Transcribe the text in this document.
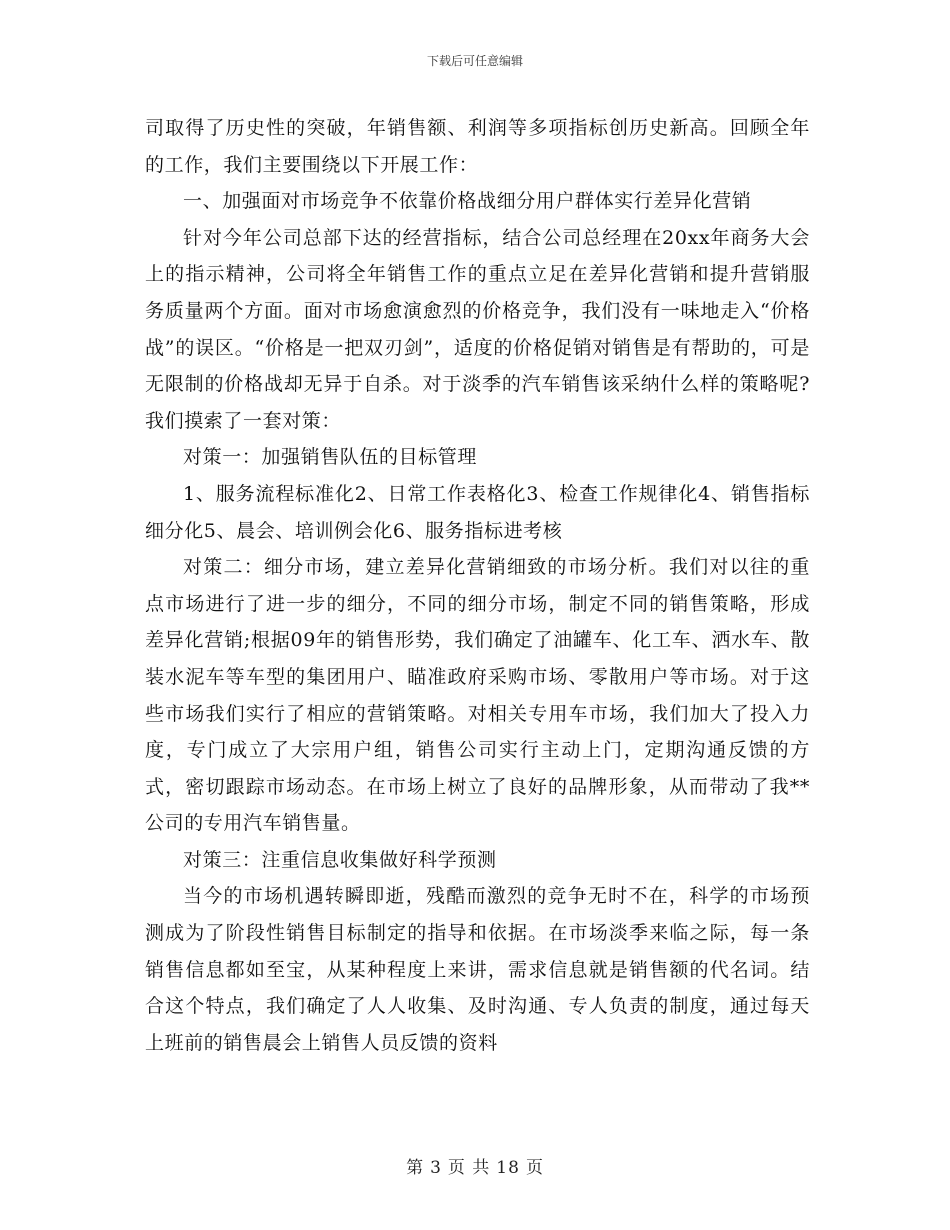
下载后可任意编辑

司取得了历史性的突破，年销售额、利润等多项指标创历史新高。回顾全年的工作，我们主要围绕以下开展工作：

一、加强面对市场竞争不依靠价格战细分用户群体实行差异化营销

针对今年公司总部下达的经营指标，结合公司总经理在20xx年商务大会上的指示精神，公司将全年销售工作的重点立足在差异化营销和提升营销服务质量两个方面。面对市场愈演愈烈的价格竞争，我们没有一味地走入“价格战”的误区。“价格是一把双刃剑”，适度的价格促销对销售是有帮助的，可是无限制的价格战却无异于自杀。对于淡季的汽车销售该采纳什么样的策略呢?我们摸索了一套对策：

对策一：加强销售队伍的目标管理

1、服务流程标准化2、日常工作表格化3、检查工作规律化4、销售指标细分化5、晨会、培训例会化6、服务指标进考核

对策二：细分市场，建立差异化营销细致的市场分析。我们对以往的重点市场进行了进一步的细分，不同的细分市场，制定不同的销售策略，形成差异化营销;根据09年的销售形势，我们确定了油罐车、化工车、洒水车、散装水泥车等车型的集团用户、瞄准政府采购市场、零散用户等市场。对于这些市场我们实行了相应的营销策略。对相关专用车市场，我们加大了投入力度，专门成立了大宗用户组，销售公司实行主动上门，定期沟通反馈的方式，密切跟踪市场动态。在市场上树立了良好的品牌形象，从而带动了我**公司的专用汽车销售量。

对策三：注重信息收集做好科学预测

当今的市场机遇转瞬即逝，残酷而激烈的竞争无时不在，科学的市场预测成为了阶段性销售目标制定的指导和依据。在市场淡季来临之际，每一条销售信息都如至宝，从某种程度上来讲，需求信息就是销售额的代名词。结合这个特点，我们确定了人人收集、及时沟通、专人负责的制度，通过每天上班前的销售晨会上销售人员反馈的资料

第 3 页 共 18 页
